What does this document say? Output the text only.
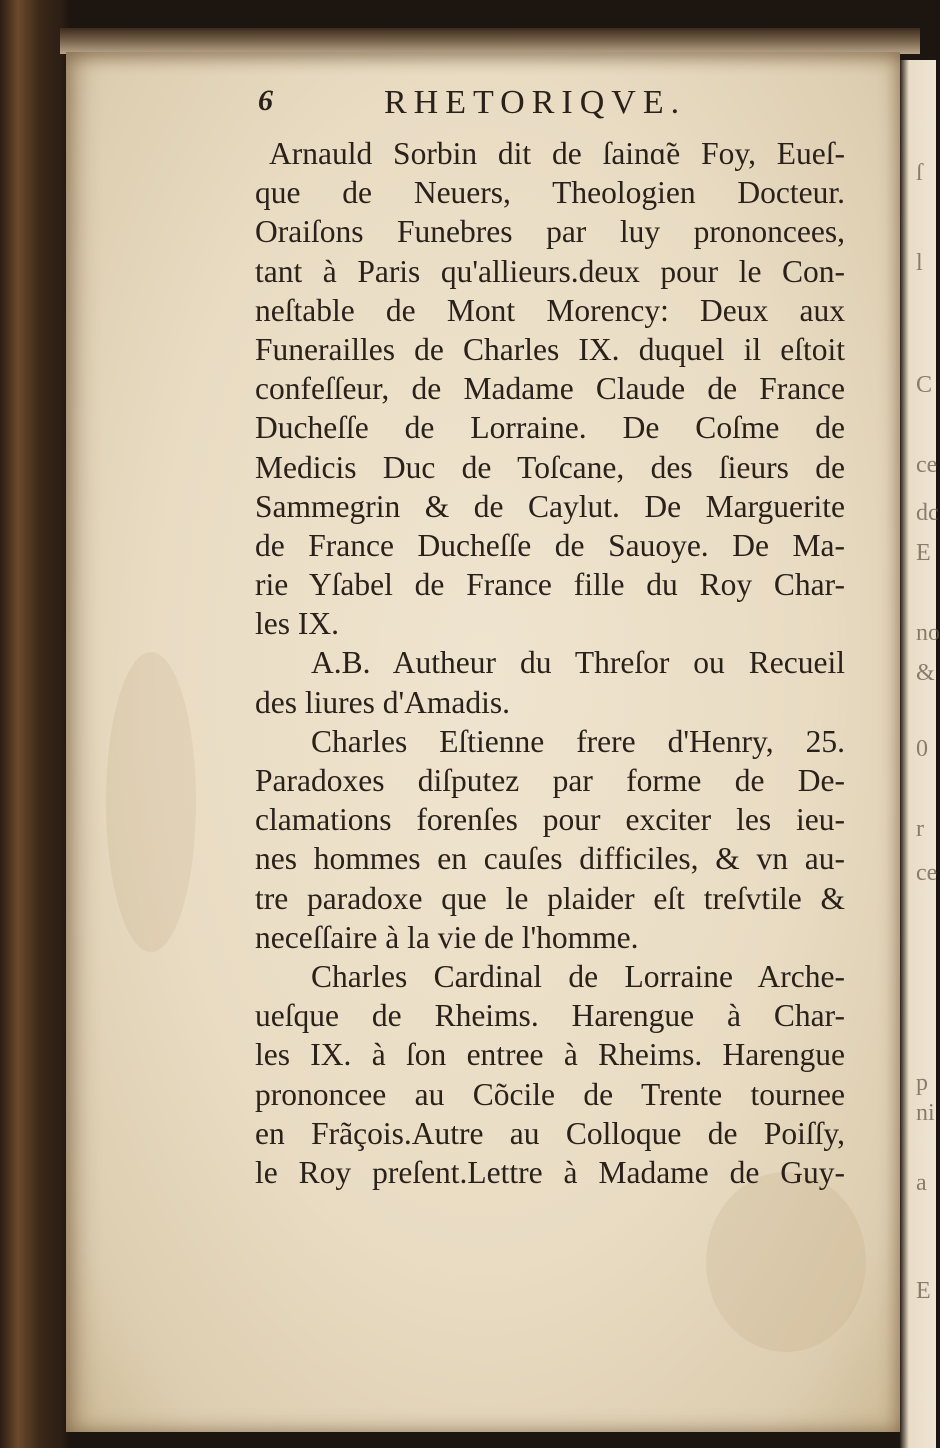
ſ
l
C
ce
dc
E
no
&
0
r
ce
p
ni
a
E
6	RHETORIQVE.
Arnauld Sorbin dit de ſainɑ̃e Foy, Eueſ-
que de Neuers, Theologien Docteur.
Oraiſons Funebres par luy prononcees,
tant à Paris qu'allieurs.deux pour le Con-
neſtable de Mont Morency: Deux aux
Funerailles de Charles IX. duquel il eſtoit
confeſſeur, de Madame Claude de France
Ducheſſe de Lorraine. De Coſme de
Medicis Duc de Toſcane, des ſieurs de
Sammegrin & de Caylut. De Marguerite
de France Ducheſſe de Sauoye. De Ma-
rie Yſabel de France fille du Roy Char-
les IX.
A.B. Autheur du Threſor ou Recueil
des liures d'Amadis.
Charles Eſtienne frere d'Henry, 25.
Paradoxes diſputez par forme de De-
clamations forenſes pour exciter les ieu-
nes hommes en cauſes difficiles, & vn au-
tre paradoxe que le plaider eſt treſvtile &
neceſſaire à la vie de l'homme.
Charles Cardinal de Lorraine Arche-
ueſque de Rheims. Harengue à Char-
les IX. à ſon entree à Rheims. Harengue
prononcee au Cõcile de Trente tournee
en Frãçois.Autre au Colloque de Poiſſy,
le Roy preſent.Lettre à Madame de Guy-
